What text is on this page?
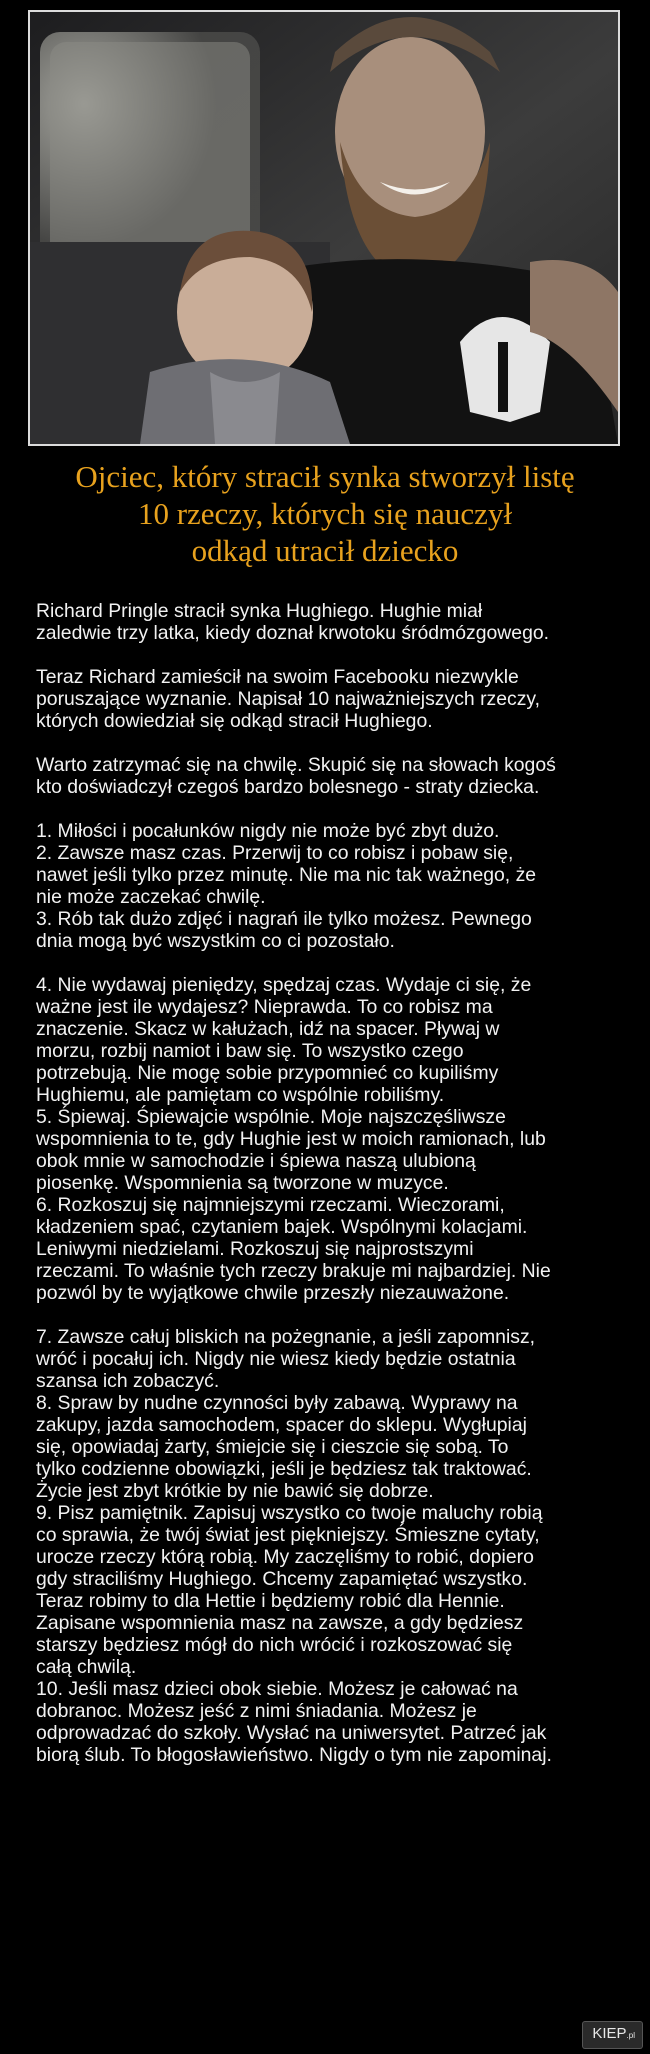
Ojciec, który stracił synka stworzył listę
10 rzeczy, których się nauczył
odkąd utracił dziecko
Richard Pringle stracił synka Hughiego. Hughie miał
zaledwie trzy latka, kiedy doznał krwotoku śródmózgowego.
Teraz Richard zamieścił na swoim Facebooku niezwykle
poruszające wyznanie. Napisał 10 najważniejszych rzeczy,
których dowiedział się odkąd stracił Hughiego.
Warto zatrzymać się na chwilę. Skupić się na słowach kogoś
kto doświadczył czegoś bardzo bolesnego - straty dziecka.
1. Miłości i pocałunków nigdy nie może być zbyt dużo.
2. Zawsze masz czas. Przerwij to co robisz i pobaw się,
nawet jeśli tylko przez minutę. Nie ma nic tak ważnego, że
nie może zaczekać chwilę.
3. Rób tak dużo zdjęć i nagrań ile tylko możesz. Pewnego
dnia mogą być wszystkim co ci pozostało.
4. Nie wydawaj pieniędzy, spędzaj czas. Wydaje ci się, że
ważne jest ile wydajesz? Nieprawda. To co robisz ma
znaczenie. Skacz w kałużach, idź na spacer. Pływaj w
morzu, rozbij namiot i baw się. To wszystko czego
potrzebują. Nie mogę sobie przypomnieć co kupiliśmy
Hughiemu, ale pamiętam co wspólnie robiliśmy.
5. Śpiewaj. Śpiewajcie wspólnie. Moje najszczęśliwsze
wspomnienia to te, gdy Hughie jest w moich ramionach, lub
obok mnie w samochodzie i śpiewa naszą ulubioną
piosenkę. Wspomnienia są tworzone w muzyce.
6. Rozkoszuj się najmniejszymi rzeczami. Wieczorami,
kładzeniem spać, czytaniem bajek. Wspólnymi kolacjami.
Leniwymi niedzielami. Rozkoszuj się najprostszymi
rzeczami. To właśnie tych rzeczy brakuje mi najbardziej. Nie
pozwól by te wyjątkowe chwile przeszły niezauważone.
7. Zawsze całuj bliskich na pożegnanie, a jeśli zapomnisz,
wróć i pocałuj ich. Nigdy nie wiesz kiedy będzie ostatnia
szansa ich zobaczyć.
8. Spraw by nudne czynności były zabawą. Wyprawy na
zakupy, jazda samochodem, spacer do sklepu. Wygłupiaj
się, opowiadaj żarty, śmiejcie się i cieszcie się sobą. To
tylko codzienne obowiązki, jeśli je będziesz tak traktować.
Życie jest zbyt krótkie by nie bawić się dobrze.
9. Pisz pamiętnik. Zapisuj wszystko co twoje maluchy robią
co sprawia, że twój świat jest piękniejszy. Śmieszne cytaty,
urocze rzeczy którą robią. My zaczęliśmy to robić, dopiero
gdy straciliśmy Hughiego. Chcemy zapamiętać wszystko.
Teraz robimy to dla Hettie i będziemy robić dla Hennie.
Zapisane wspomnienia masz na zawsze, a gdy będziesz
starszy będziesz mógł do nich wrócić i rozkoszować się
całą chwilą.
10. Jeśli masz dzieci obok siebie. Możesz je całować na
dobranoc. Możesz jeść z nimi śniadania. Możesz je
odprowadzać do szkoły. Wysłać na uniwersytet. Patrzeć jak
biorą ślub. To błogosławieństwo. Nigdy o tym nie zapominaj.
KIEP.pl
